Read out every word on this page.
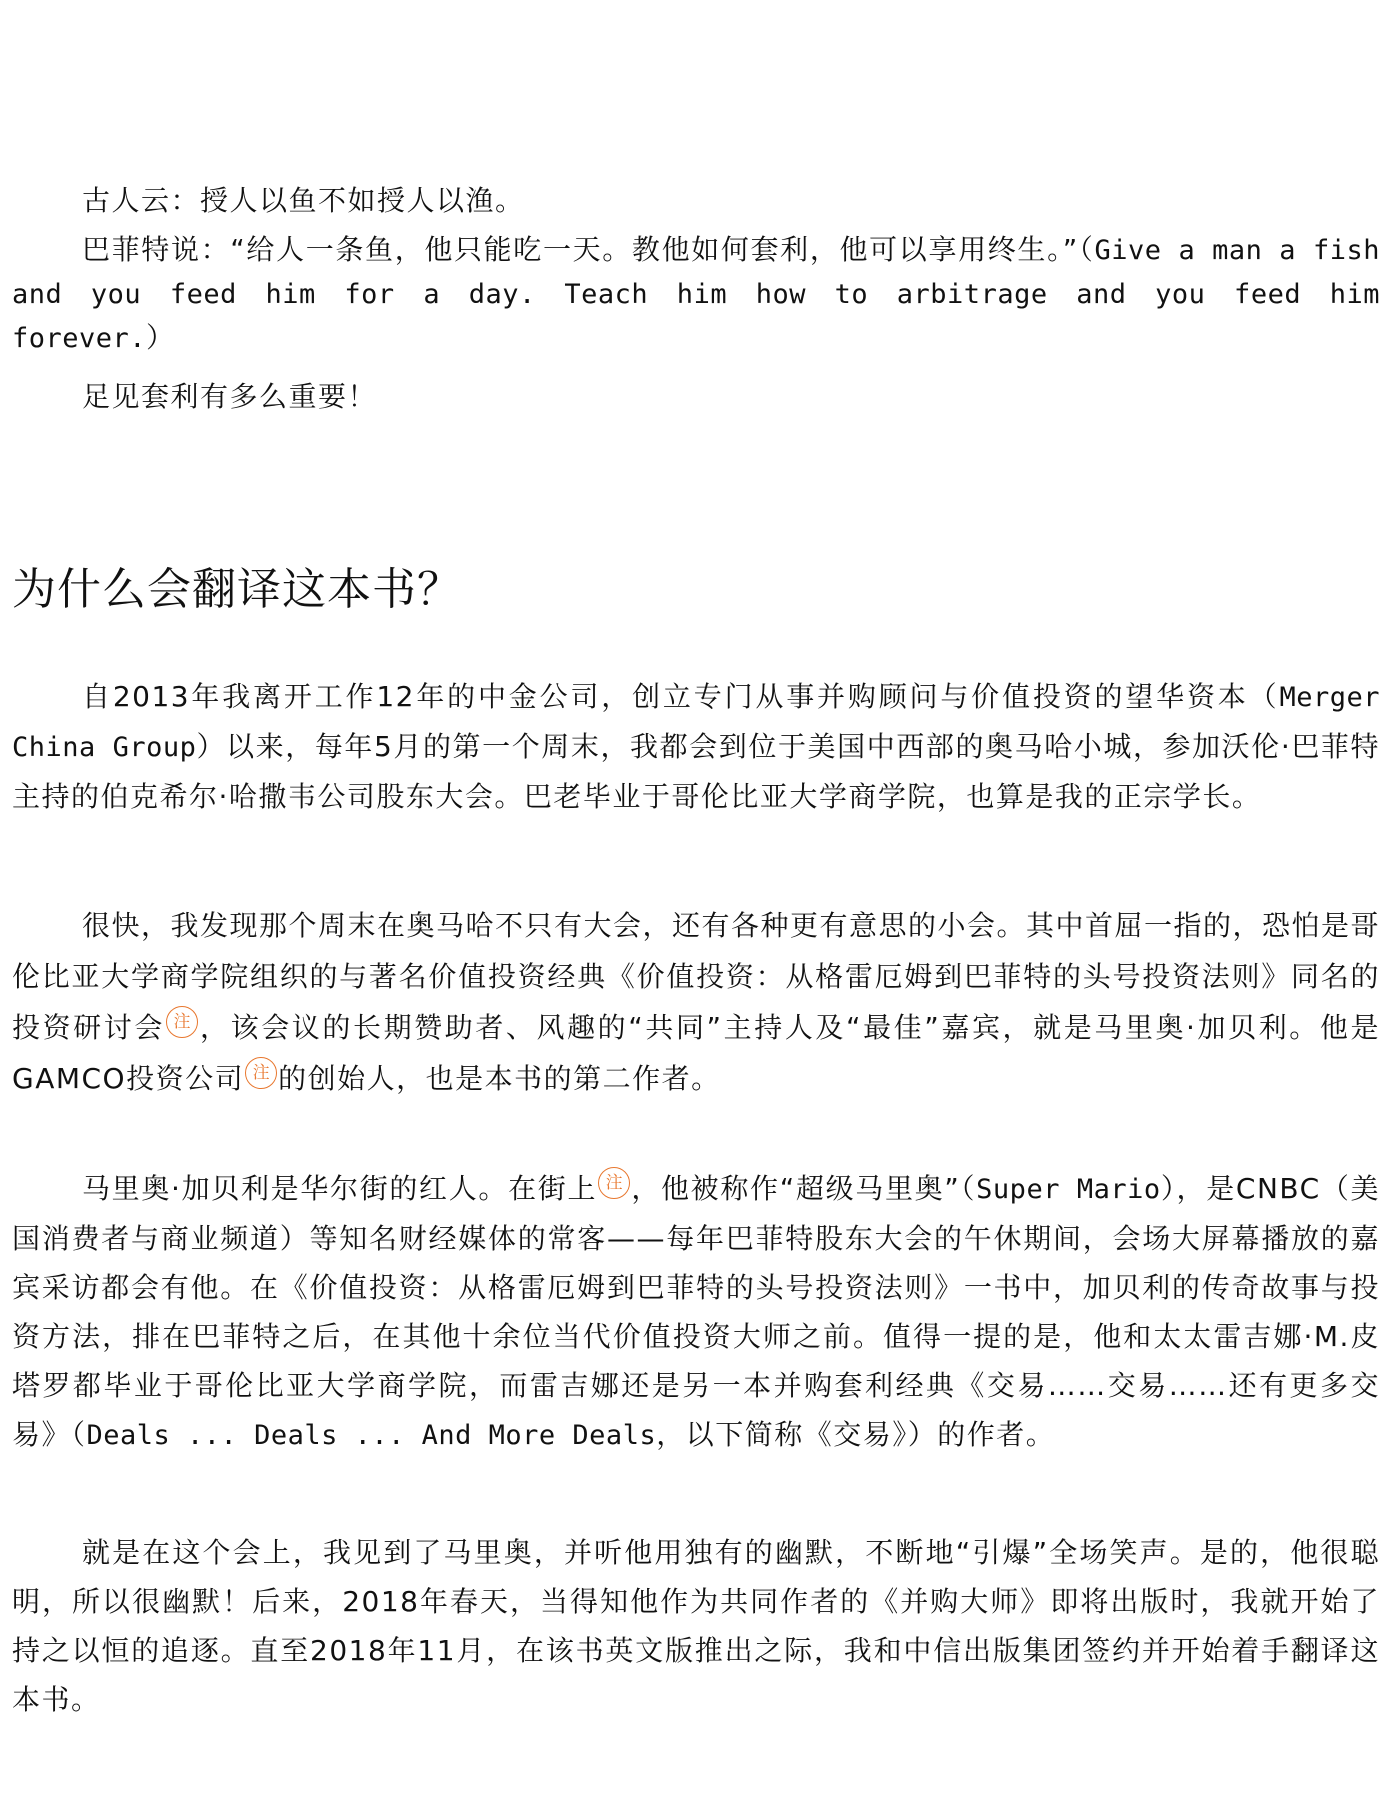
古人云：授人以鱼不如授人以渔。

巴菲特说：“给人一条鱼，他只能吃一天。教他如何套利，他可以享用终生。”（Give a man a fish and you feed him for a day. Teach him how to arbitrage and you feed him forever.）

足见套利有多么重要！

为什么会翻译这本书？

自2013年我离开工作12年的中金公司，创立专门从事并购顾问与价值投资的望华资本（Merger China Group）以来，每年5月的第一个周末，我都会到位于美国中西部的奥马哈小城，参加沃伦·巴菲特主持的伯克希尔·哈撒韦公司股东大会。巴老毕业于哥伦比亚大学商学院，也算是我的正宗学长。

很快，我发现那个周末在奥马哈不只有大会，还有各种更有意思的小会。其中首屈一指的，恐怕是哥伦比亚大学商学院组织的与著名价值投资经典《价值投资：从格雷厄姆到巴菲特的头号投资法则》同名的投资研讨会 注 ，该会议的长期赞助者、风趣的“共同”主持人及“最佳”嘉宾，就是马里奥·加贝利。他是GAMCO投资公司 注 的创始人，也是本书的第二作者。

马里奥·加贝利是华尔街的红人。在街上 注 ，他被称作“超级马里奥”（Super Mario），是CNBC（美国消费者与商业频道）等知名财经媒体的常客——每年巴菲特股东大会的午休期间，会场大屏幕播放的嘉宾采访都会有他。在《价值投资：从格雷厄姆到巴菲特的头号投资法则》一书中，加贝利的传奇故事与投资方法，排在巴菲特之后，在其他十余位当代价值投资大师之前。值得一提的是，他和太太雷吉娜·M.皮塔罗都毕业于哥伦比亚大学商学院，而雷吉娜还是另一本并购套利经典《交易……交易……还有更多交易》（Deals ... Deals ... And More Deals，以下简称《交易》）的作者。

就是在这个会上，我见到了马里奥，并听他用独有的幽默，不断地“引爆”全场笑声。是的，他很聪明，所以很幽默！后来，2018年春天，当得知他作为共同作者的《并购大师》即将出版时，我就开始了持之以恒的追逐。直至2018年11月，在该书英文版推出之际，我和中信出版集团签约并开始着手翻译这本书。
